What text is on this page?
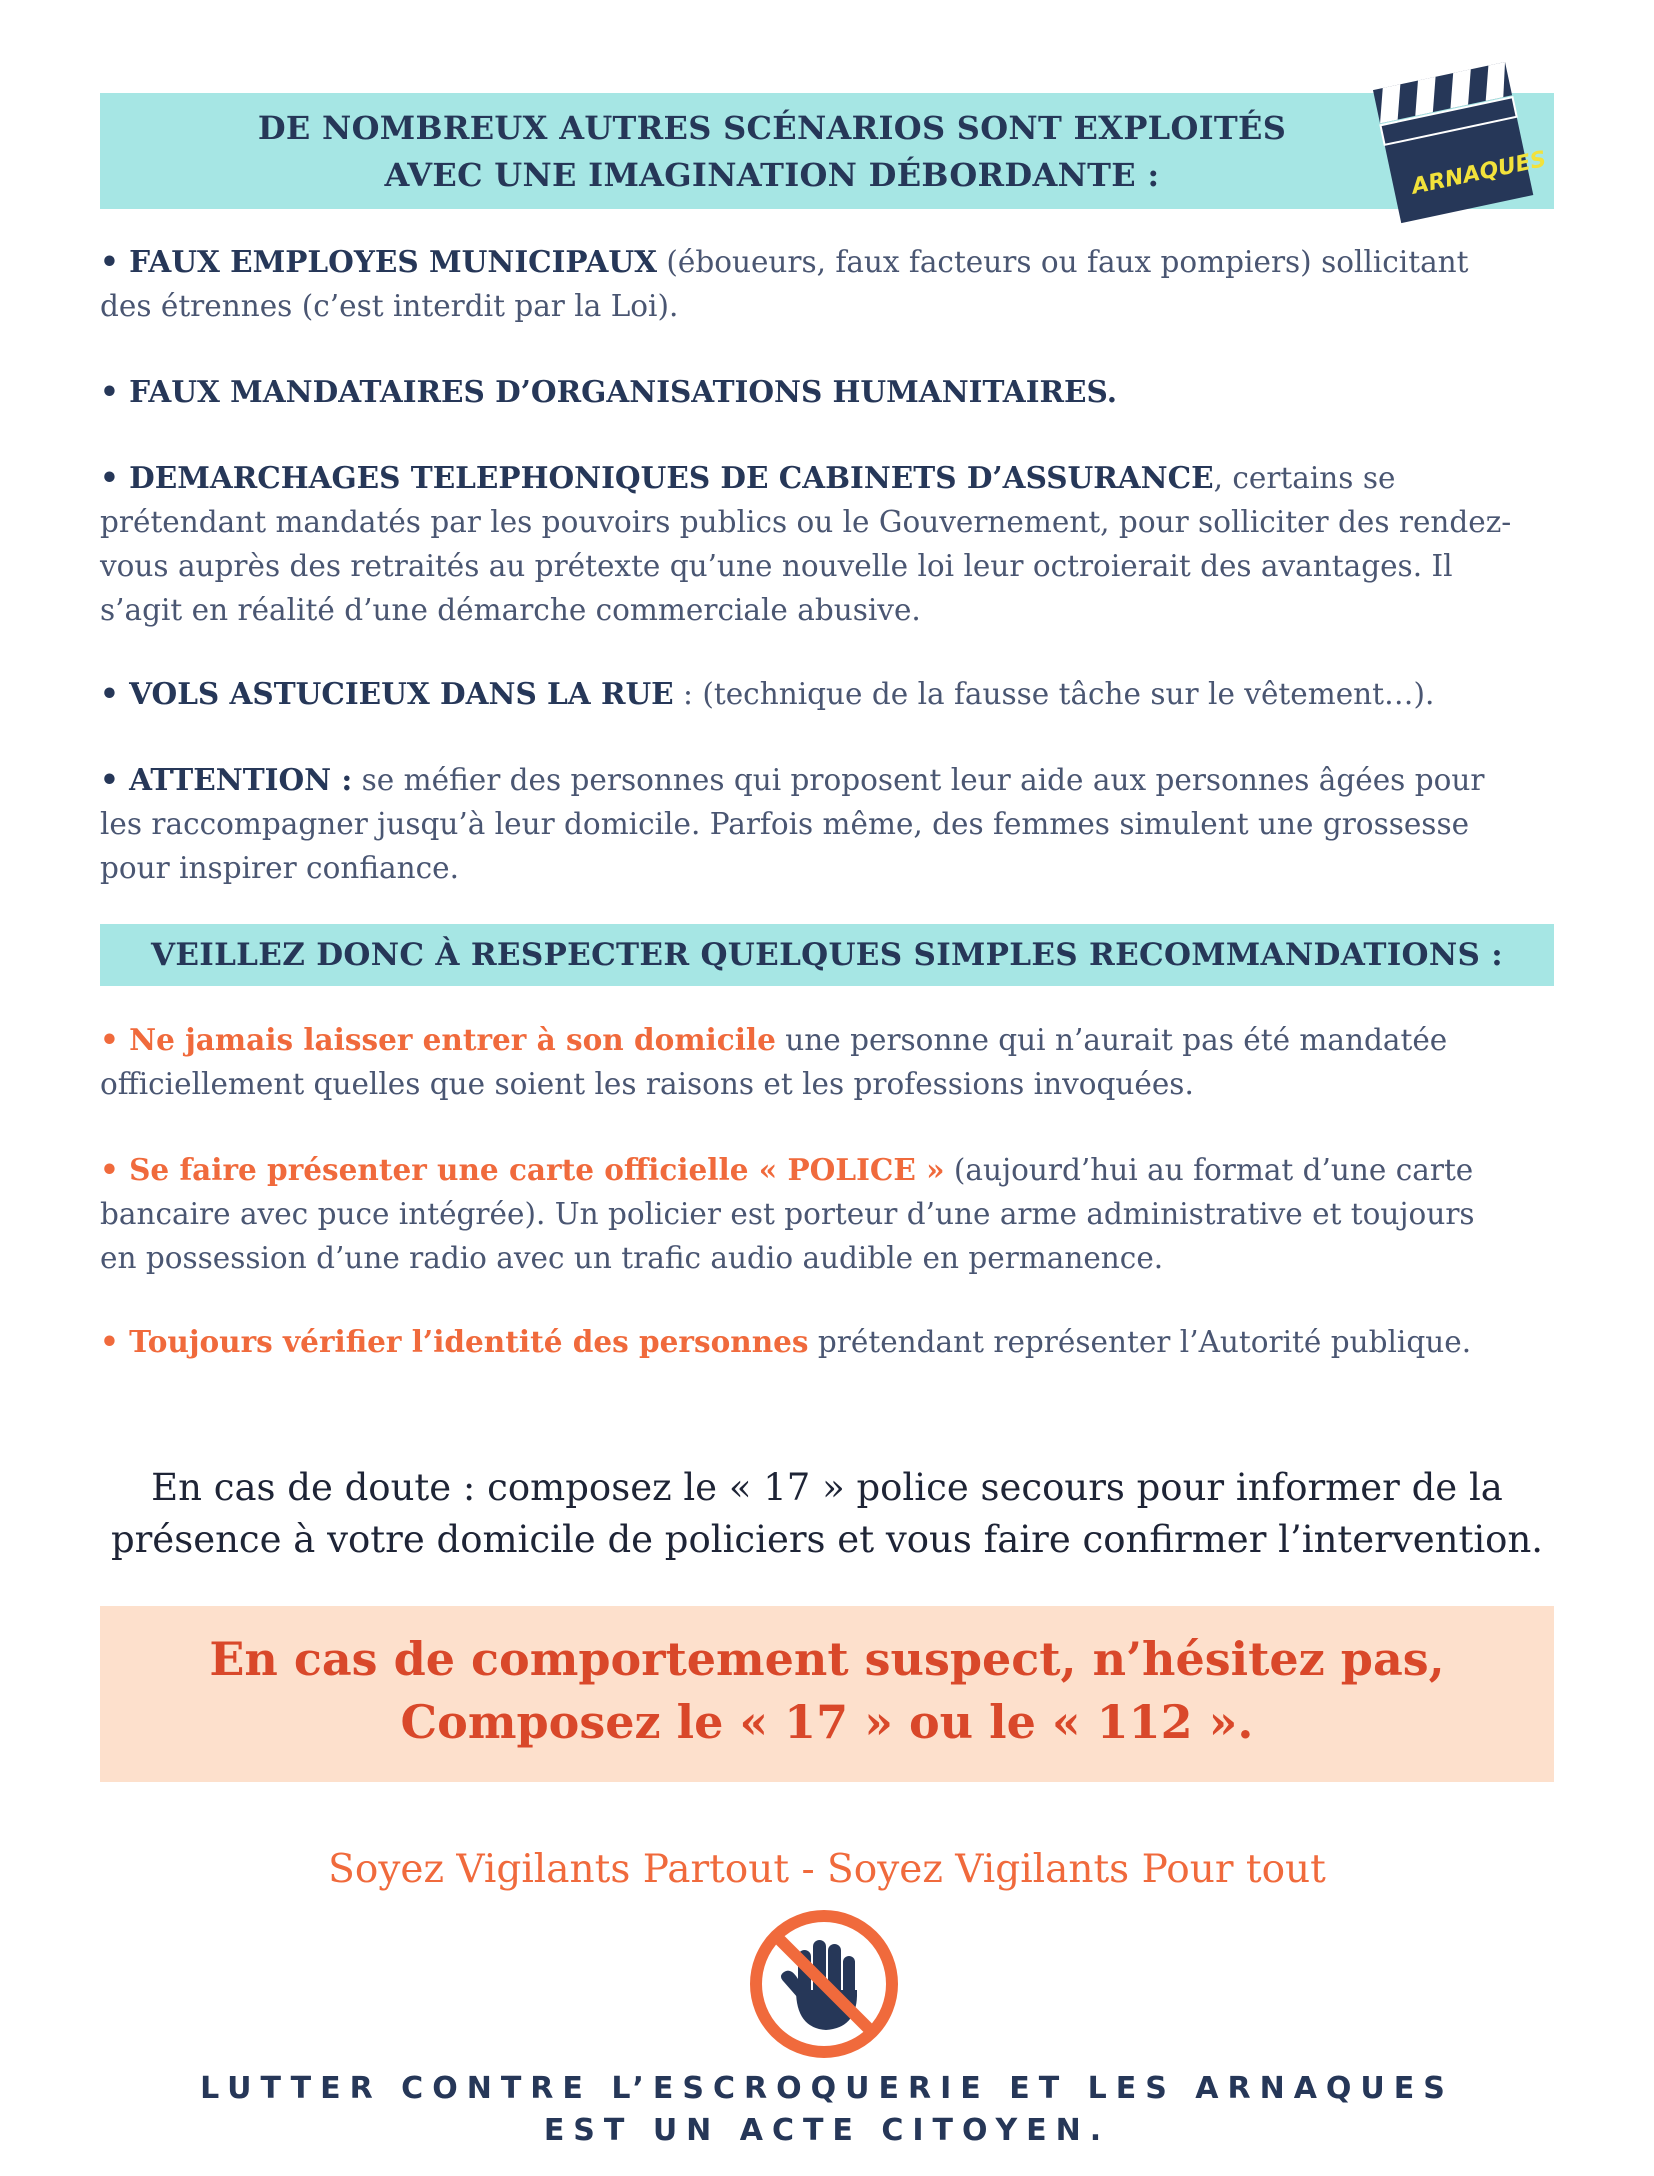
DE NOMBREUX AUTRES SCÉNARIOS SONT EXPLOITÉS
AVEC UNE IMAGINATION DÉBORDANTE :	ARNAQUES
• FAUX EMPLOYES MUNICIPAUX (éboueurs, faux facteurs ou faux pompiers) sollicitant des étrennes (c’est interdit par la Loi).
• FAUX MANDATAIRES D’ORGANISATIONS HUMANITAIRES.
• DEMARCHAGES TELEPHONIQUES DE CABINETS D’ASSURANCE, certains se prétendant mandatés par les pouvoirs publics ou le Gouvernement, pour solliciter des rendez-vous auprès des retraités au prétexte qu’une nouvelle loi leur octroierait des avantages. Il s’agit en réalité d’une démarche commerciale abusive.
• VOLS ASTUCIEUX DANS LA RUE : (technique de la fausse tâche sur le vêtement…).
• ATTENTION : se méfier des personnes qui proposent leur aide aux personnes âgées pour les raccompagner jusqu’à leur domicile. Parfois même, des femmes simulent une grossesse pour inspirer confiance.
VEILLEZ DONC À RESPECTER QUELQUES SIMPLES RECOMMANDATIONS :
• Ne jamais laisser entrer à son domicile une personne qui n’aurait pas été mandatée officiellement quelles que soient les raisons et les professions invoquées.
• Se faire présenter une carte officielle « POLICE » (aujourd’hui au format d’une carte bancaire avec puce intégrée). Un policier est porteur d’une arme administrative et toujours en possession d’une radio avec un trafic audio audible en permanence.
• Toujours vérifier l’identité des personnes prétendant représenter l’Autorité publique.
En cas de doute : composez le « 17 » police secours pour informer de la
présence à votre domicile de policiers et vous faire confirmer l’intervention.
En cas de comportement suspect, n’hésitez pas,
Composez le « 17 » ou le « 112 ».
Soyez Vigilants Partout - Soyez Vigilants Pour tout
LUTTER CONTRE L’ESCROQUERIE ET LES ARNAQUES
EST UN ACTE CITOYEN.
